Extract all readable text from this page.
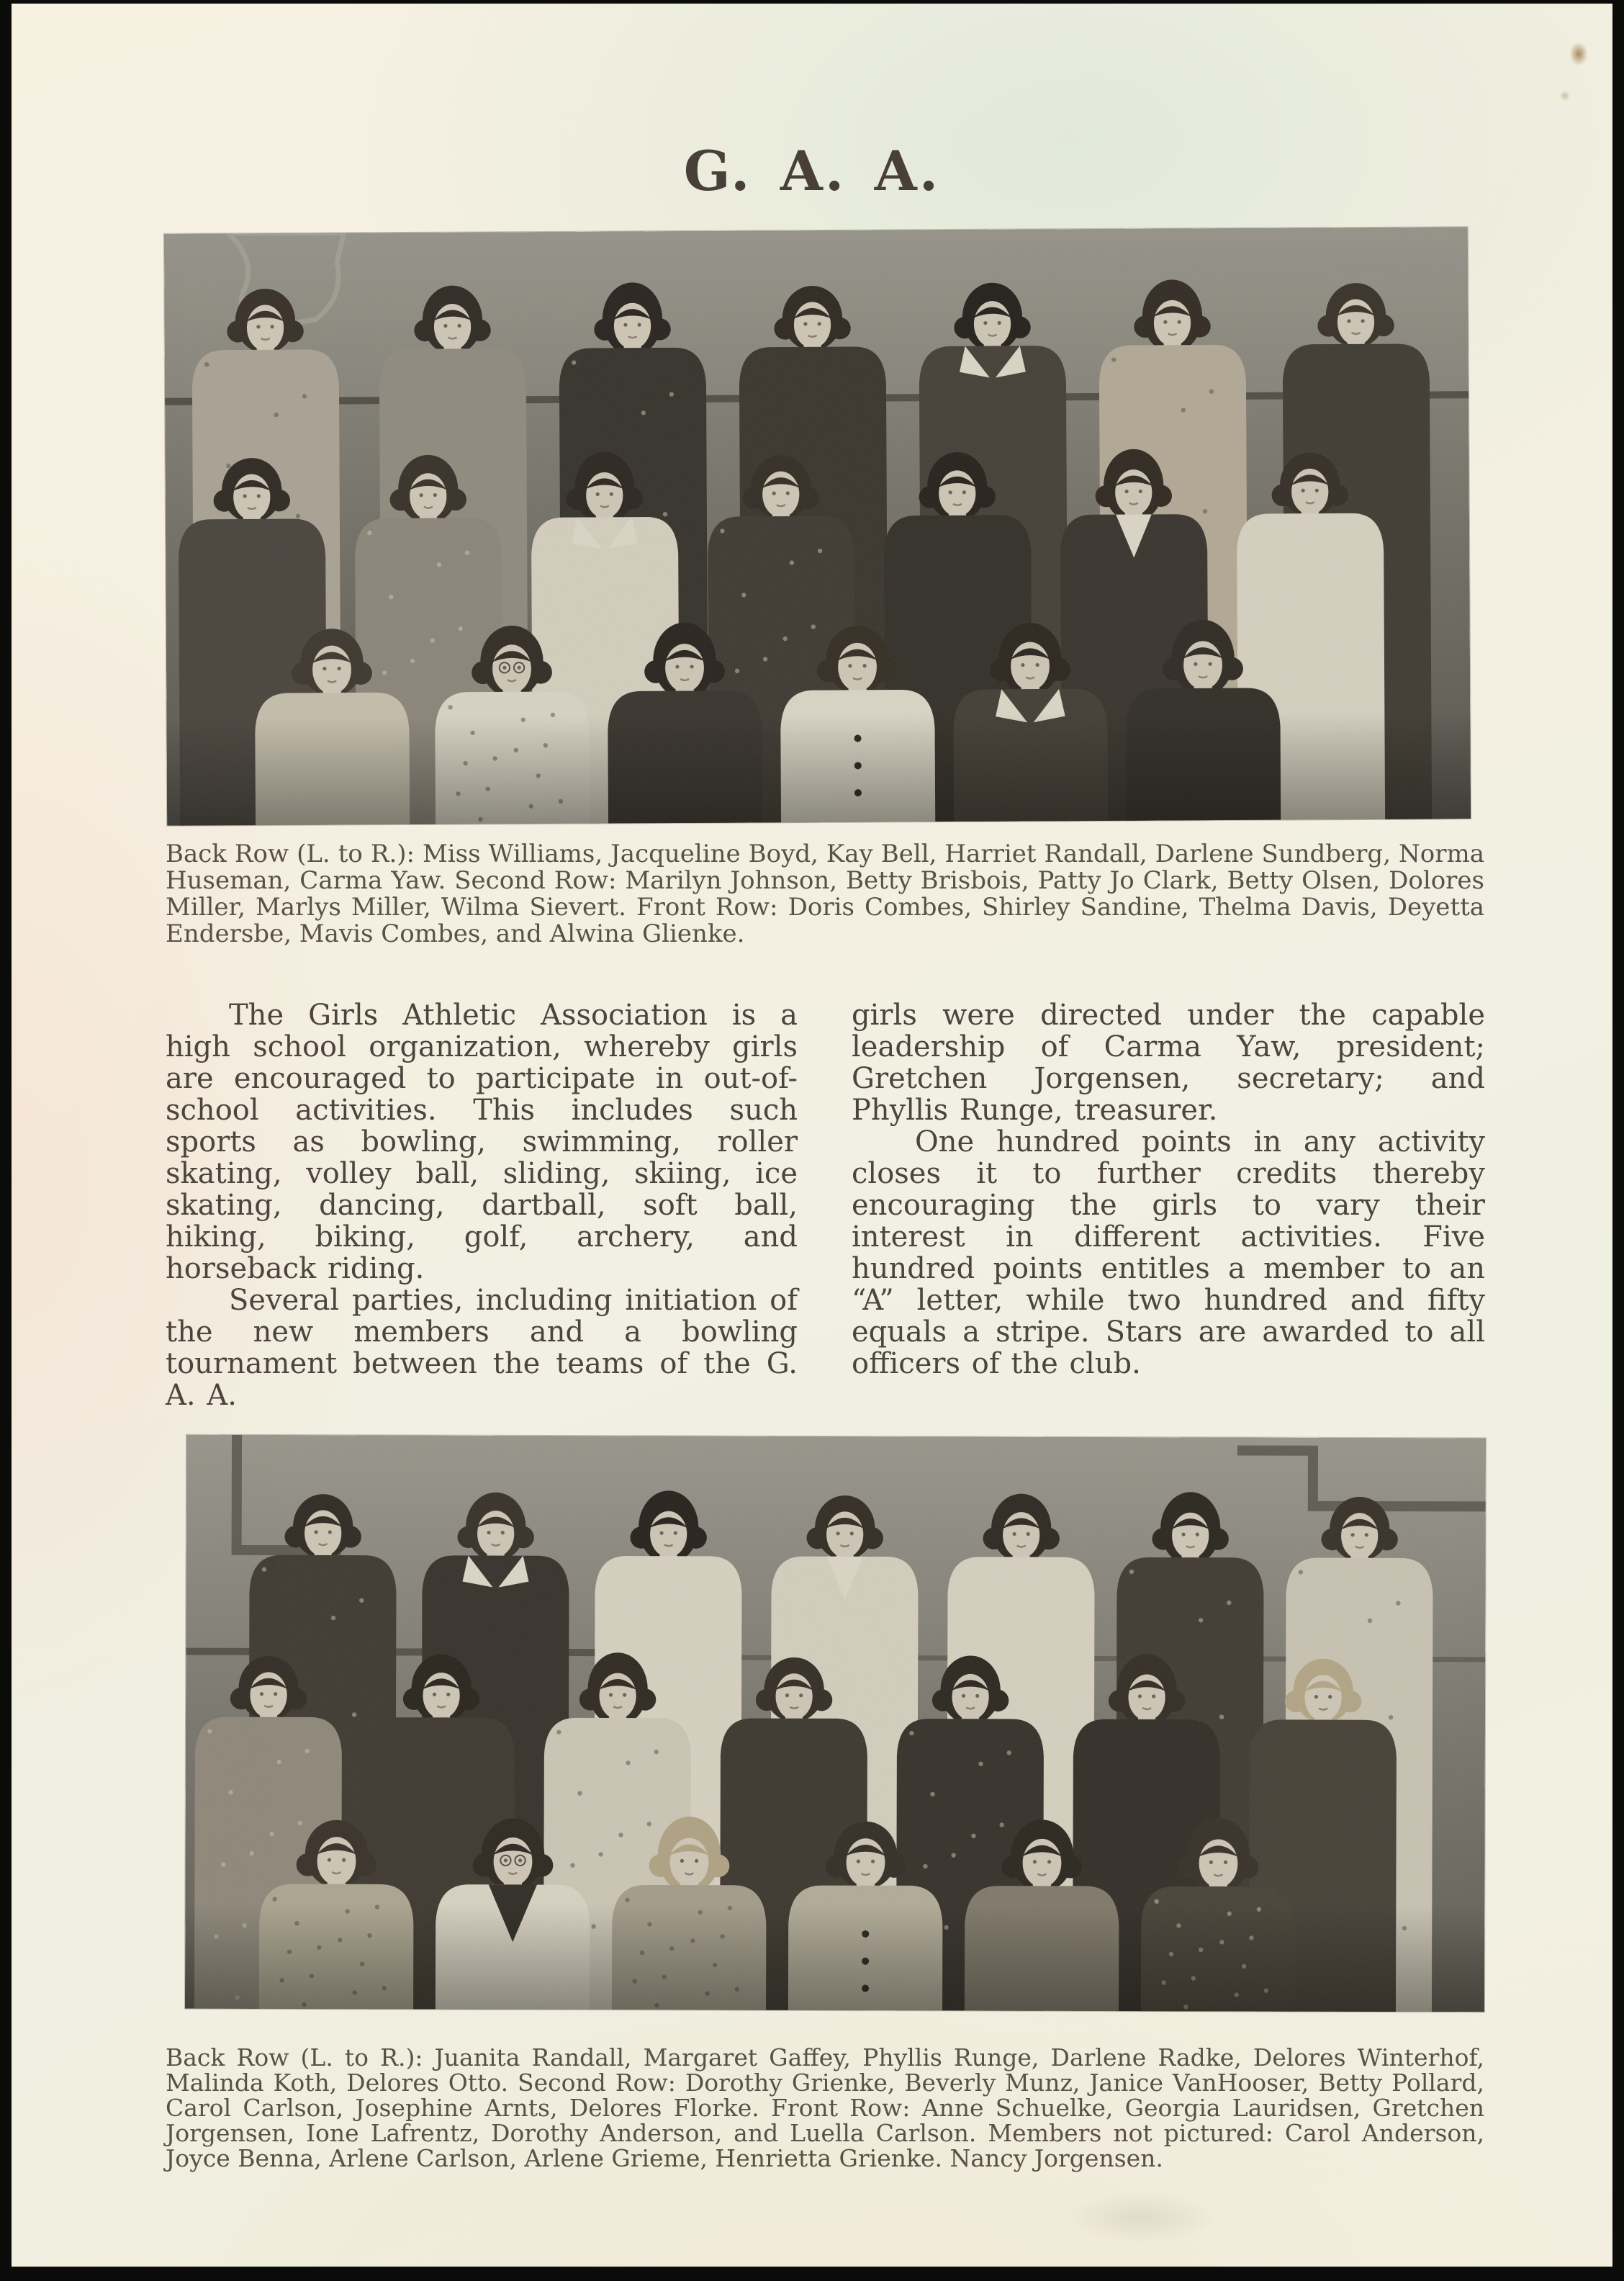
G. A. A.
Back Row (L. to R.): Miss Williams, Jacqueline Boyd, Kay Bell, Harriet Randall, Darlene Sundberg, Norma Huseman, Carma Yaw. Second Row: Marilyn Johnson, Betty Brisbois, Patty Jo Clark, Betty Olsen, Dolores Miller, Marlys Miller, Wilma Sievert. Front Row: Doris Combes, Shirley Sandine, Thelma Davis, Deyetta Endersbe, Mavis Combes, and Alwina Glienke.

The Girls Athletic Association is a high school organization, whereby girls are encouraged to participate in out-of-school activities. This includes such sports as bowling, swimming, roller skating, volley ball, sliding, skiing, ice skating, dancing, dartball, soft ball, hiking, biking, golf, archery, and horseback riding.

Several parties, including initiation of the new members and a bowling tournament between the teams of the G. A. A.

girls were directed under the capable leadership of Carma Yaw, president; Gretchen Jorgensen, secretary; and Phyllis Runge, treasurer.

One hundred points in any activity closes it to further credits thereby encouraging the girls to vary their interest in different activities. Five hundred points entitles a member to an “A” letter, while two hundred and fifty equals a stripe. Stars are awarded to all officers of the club.

Back Row (L. to R.): Juanita Randall, Margaret Gaffey, Phyllis Runge, Darlene Radke, Delores Winterhof, Malinda Koth, Delores Otto. Second Row: Dorothy Grienke, Beverly Munz, Janice VanHooser, Betty Pollard, Carol Carlson, Josephine Arnts, Delores Florke. Front Row: Anne Schuelke, Georgia Lauridsen, Gretchen Jorgensen, Ione Lafrentz, Dorothy Anderson, and Luella Carlson. Members not pictured: Carol Anderson, Joyce Benna, Arlene Carlson, Arlene Grieme, Henrietta Grienke. Nancy Jorgensen.
